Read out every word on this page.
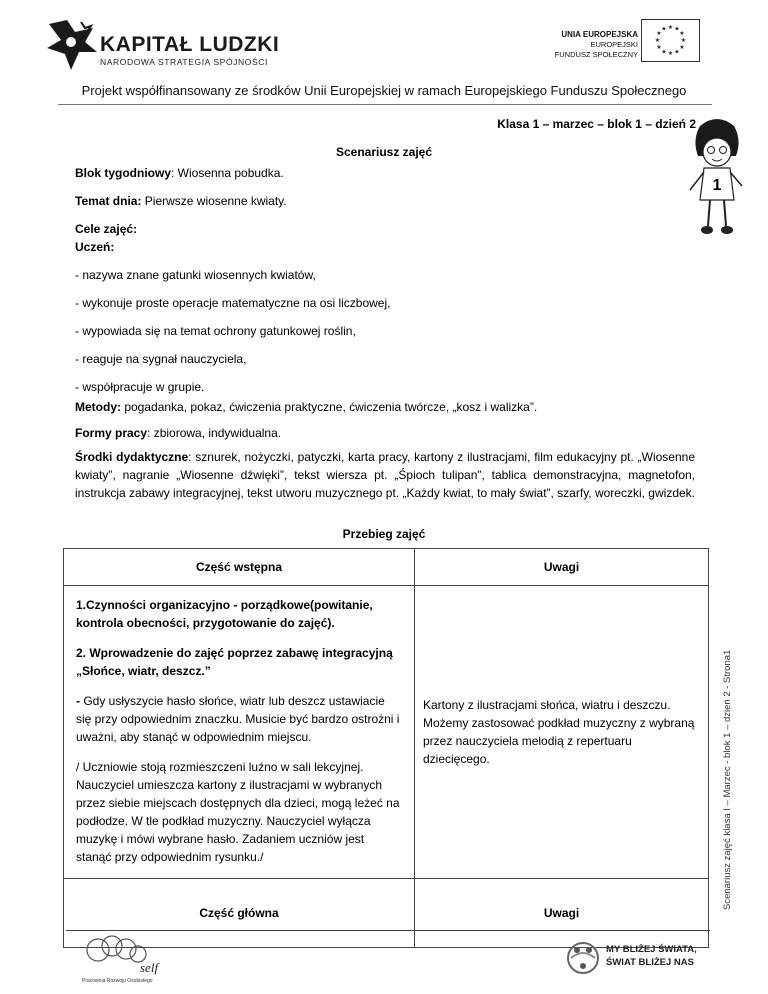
KAPITAŁ LUDZKI
NARODOWA STRATEGIA SPÓJNOŚCI
UNIA EUROPEJSKA
EUROPEJSKI
FUNDUSZ SPOŁECZNY
★ ★
★
★
★
★
★
★
★
★
★
★
Projekt współfinansowany ze środków Unii Europejskiej w ramach Europejskiego Funduszu Społecznego
1
Klasa 1 – marzec – blok 1 – dzień 2
Scenariusz zajęć
Blok tygodniowy: Wiosenna pobudka.
Temat dnia: Pierwsze wiosenne kwiaty.
Cele zajęć:
Uczeń:
- nazywa znane gatunki wiosennych kwiatów,
- wykonuje proste operacje matematyczne na osi liczbowej,
- wypowiada się na temat ochrony gatunkowej roślin,
- reaguje na sygnał nauczyciela,
- współpracuje w grupie.
Metody: pogadanka, pokaz, ćwiczenia praktyczne, ćwiczenia twórcze, „kosz i walizka”.
Formy pracy: zbiorowa, indywidualna.
Środki dydaktyczne: sznurek, nożyczki, patyczki, karta pracy, kartony z ilustracjami, film edukacyjny pt. „Wiosenne kwiaty”, nagranie „Wiosenne dźwięki”, tekst wiersza pt. „Śpioch tulipan”, tablica demonstracyjna, magnetofon, instrukcja zabawy integracyjnej, tekst utworu muzycznego pt. „Każdy kwiat, to mały świat”, szarfy, woreczki, gwizdek.
Przebieg zajęć
Część wstępna	Uwagi

1.Czynności organizacyjno - porządkowe(powitanie, kontrola obecności, przygotowanie do zajęć).

2. Wprowadzenie do zajęć poprzez zabawę integracyjną „Słońce, wiatr, deszcz.”

- Gdy usłyszycie hasło słońce, wiatr lub deszcz ustawiacie się przy odpowiednim znaczku. Musicie być bardzo ostrożni i uważni, aby stanąć w odpowiednim miejscu.

/ Uczniowie stoją rozmieszczeni luźno w sali lekcyjnej. Nauczyciel umieszcza kartony z ilustracjami w wybranych przez siebie miejscach dostępnych dla dzieci, mogą leżeć na podłodze. W tle podkład muzyczny. Nauczyciel wyłącza muzykę i mówi wybrane hasło. Zadaniem uczniów jest stanąć przy odpowiednim rysunku./	Kartony z ilustracjami słońca, wiatru i deszczu. Możemy zastosować podkład muzyczny z wybraną przez nauczyciela melodią z repertuaru dziecięcego.

Część główna	Uwagi
Scenariusz zajęć klasa I – Marzec - blok 1 – dzień 2 - Strona1
self
Pracownia Rozwoju Osobistego
MY BLIŻEJ ŚWIATA,
ŚWIAT BLIŻEJ NAS
